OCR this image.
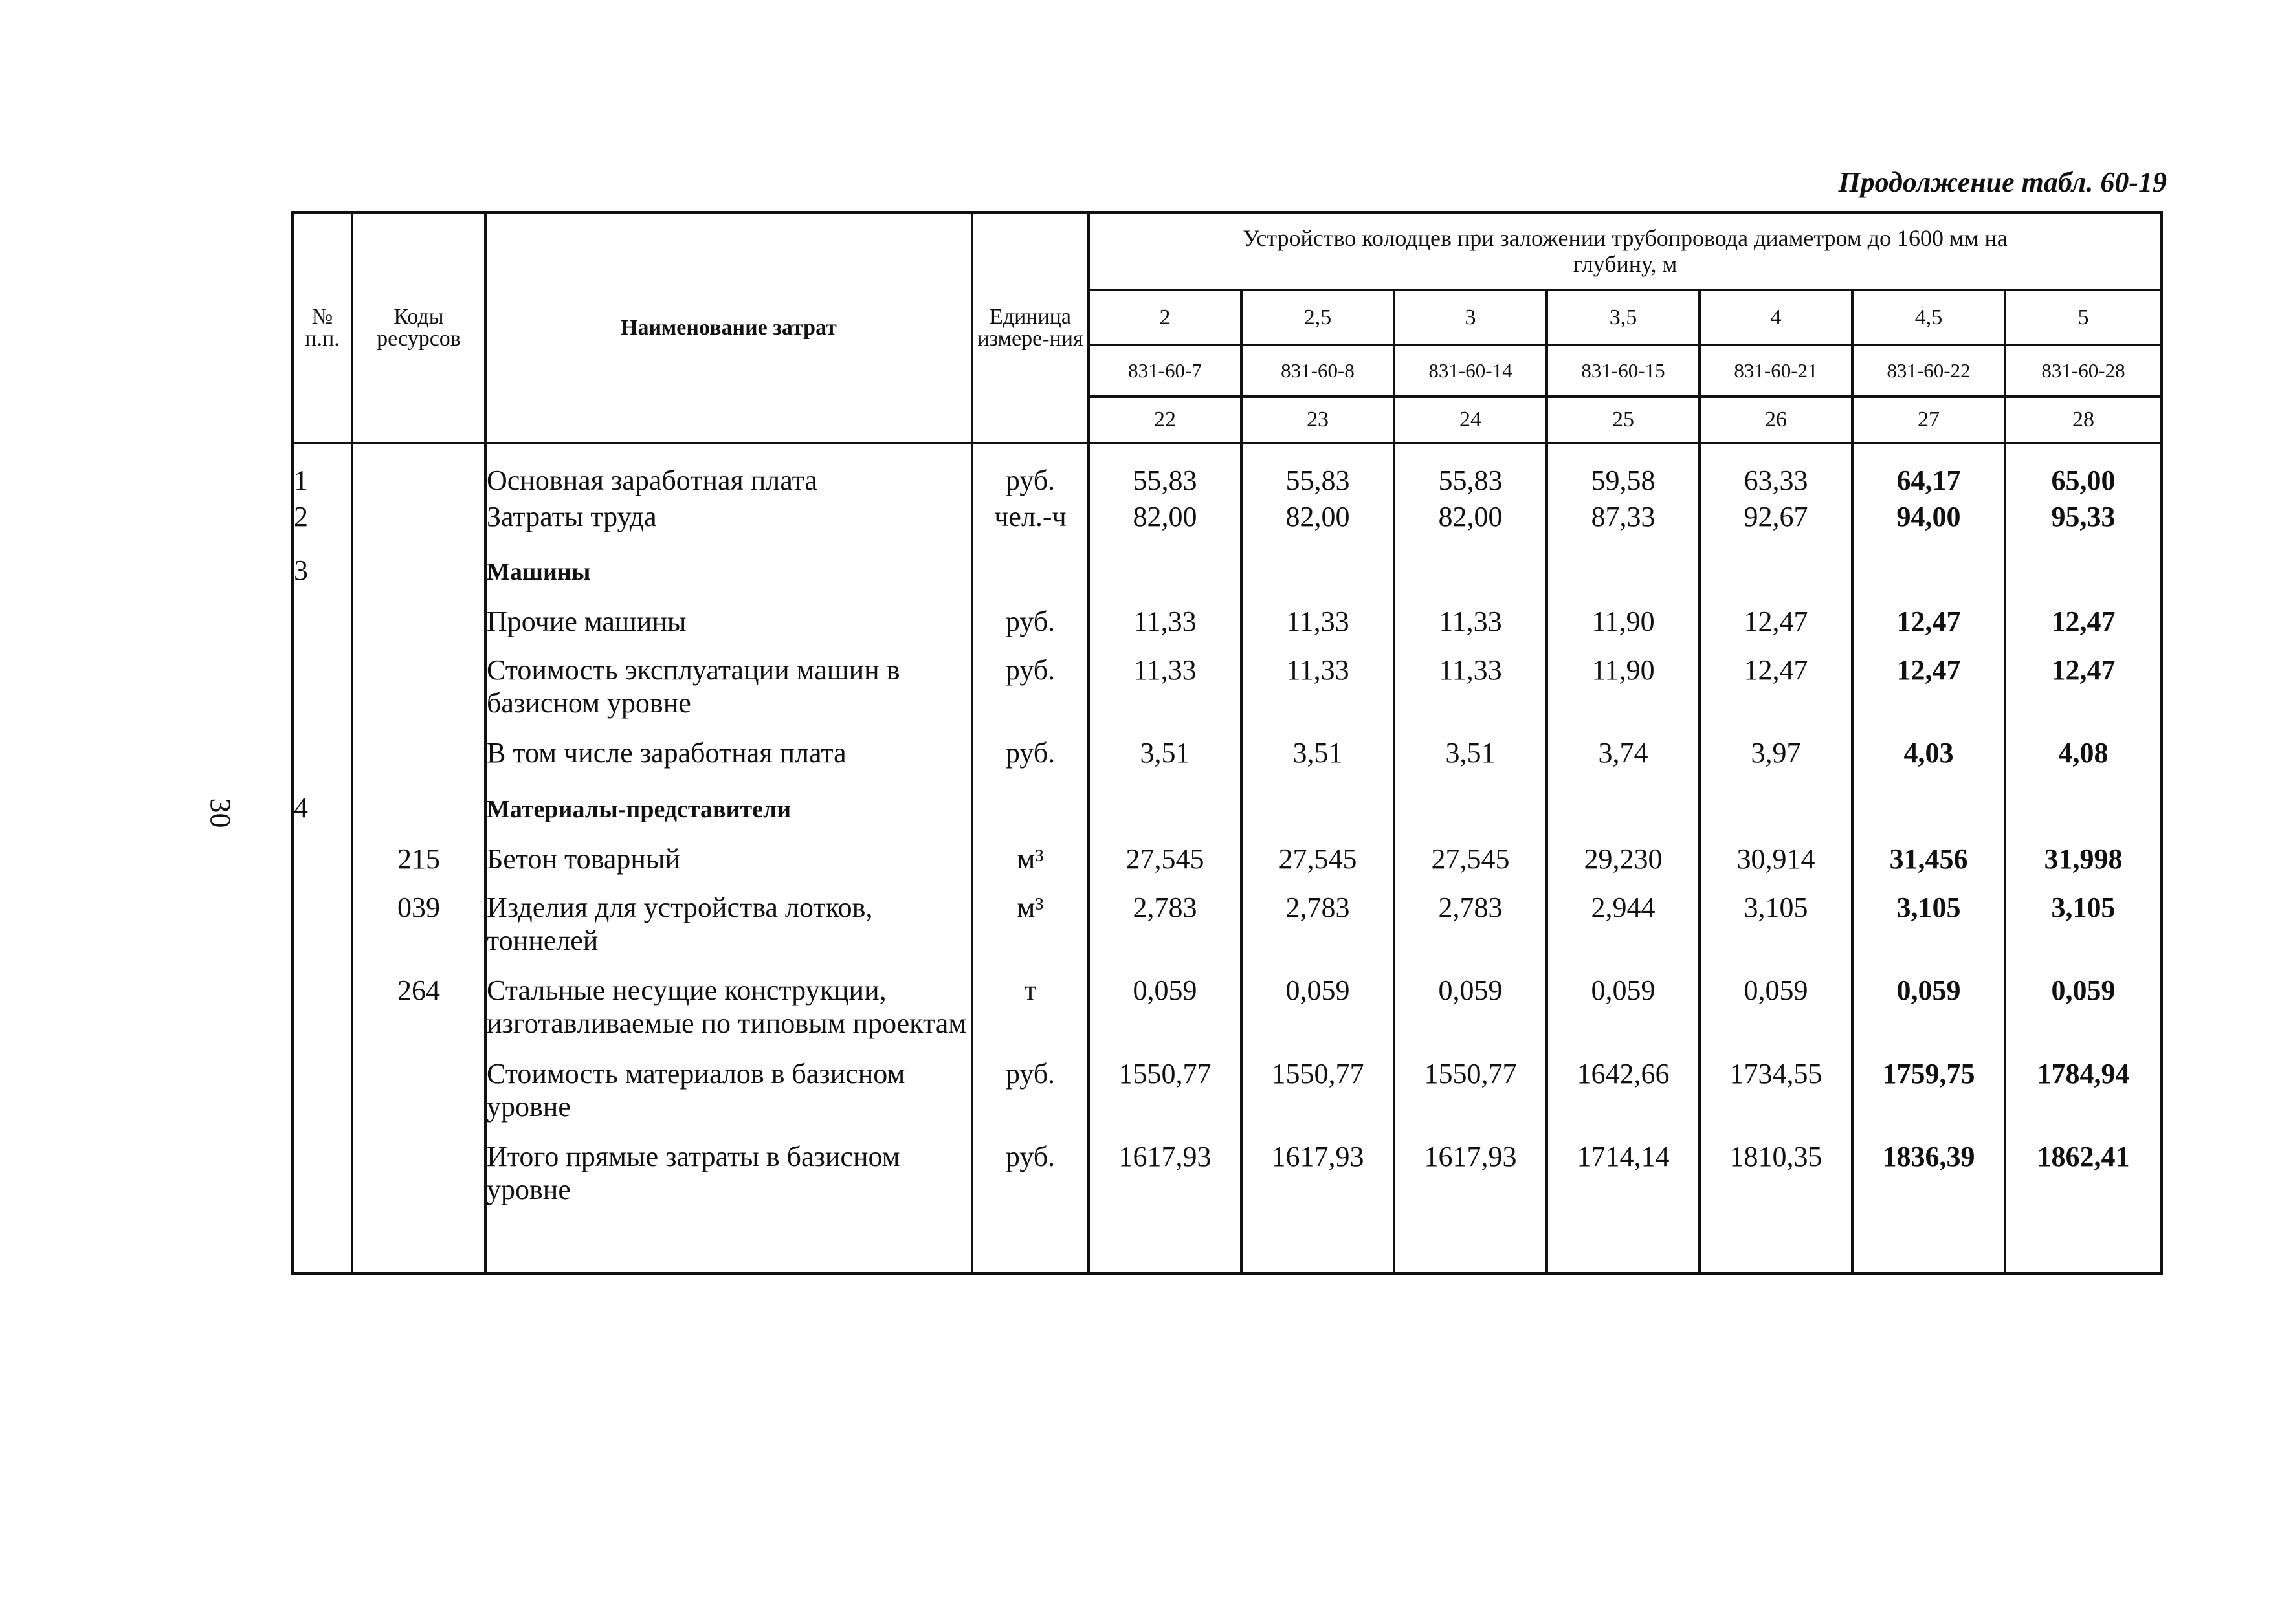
Продолжение табл. 60-19
30
№ п.п.	Коды ресурсов	Наименование затрат	Единица измере-ния	Устройство колодцев при заложении трубопровода диаметром до 1600 мм на глубину, м						
				2	2,5	3	3,5	4	4,5	5
				831-60-7	831-60-8	831-60-14	831-60-15	831-60-21	831-60-22	831-60-28
				22	23	24	25	26	27	28
1		Основная заработная плата	руб.	55,83	55,83	55,83	59,58	63,33	64,17	65,00
2		Затраты труда	чел.-ч	82,00	82,00	82,00	87,33	92,67	94,00	95,33
3		Машины								
		Прочие машины	руб.	11,33	11,33	11,33	11,90	12,47	12,47	12,47
		Стоимость эксплуатации машин в базисном уровне	руб.	11,33	11,33	11,33	11,90	12,47	12,47	12,47
		В том числе заработная плата	руб.	3,51	3,51	3,51	3,74	3,97	4,03	4,08
4		Материалы-представители								
	215	Бетон товарный	м³	27,545	27,545	27,545	29,230	30,914	31,456	31,998
	039	Изделия для устройства лотков, тоннелей	м³	2,783	2,783	2,783	2,944	3,105	3,105	3,105
	264	Стальные несущие конструкции, изготавливаемые по типовым проектам	т	0,059	0,059	0,059	0,059	0,059	0,059	0,059
		Стоимость материалов в базисном уровне	руб.	1550,77	1550,77	1550,77	1642,66	1734,55	1759,75	1784,94
		Итого прямые затраты в базисном уровне	руб.	1617,93	1617,93	1617,93	1714,14	1810,35	1836,39	1862,41
